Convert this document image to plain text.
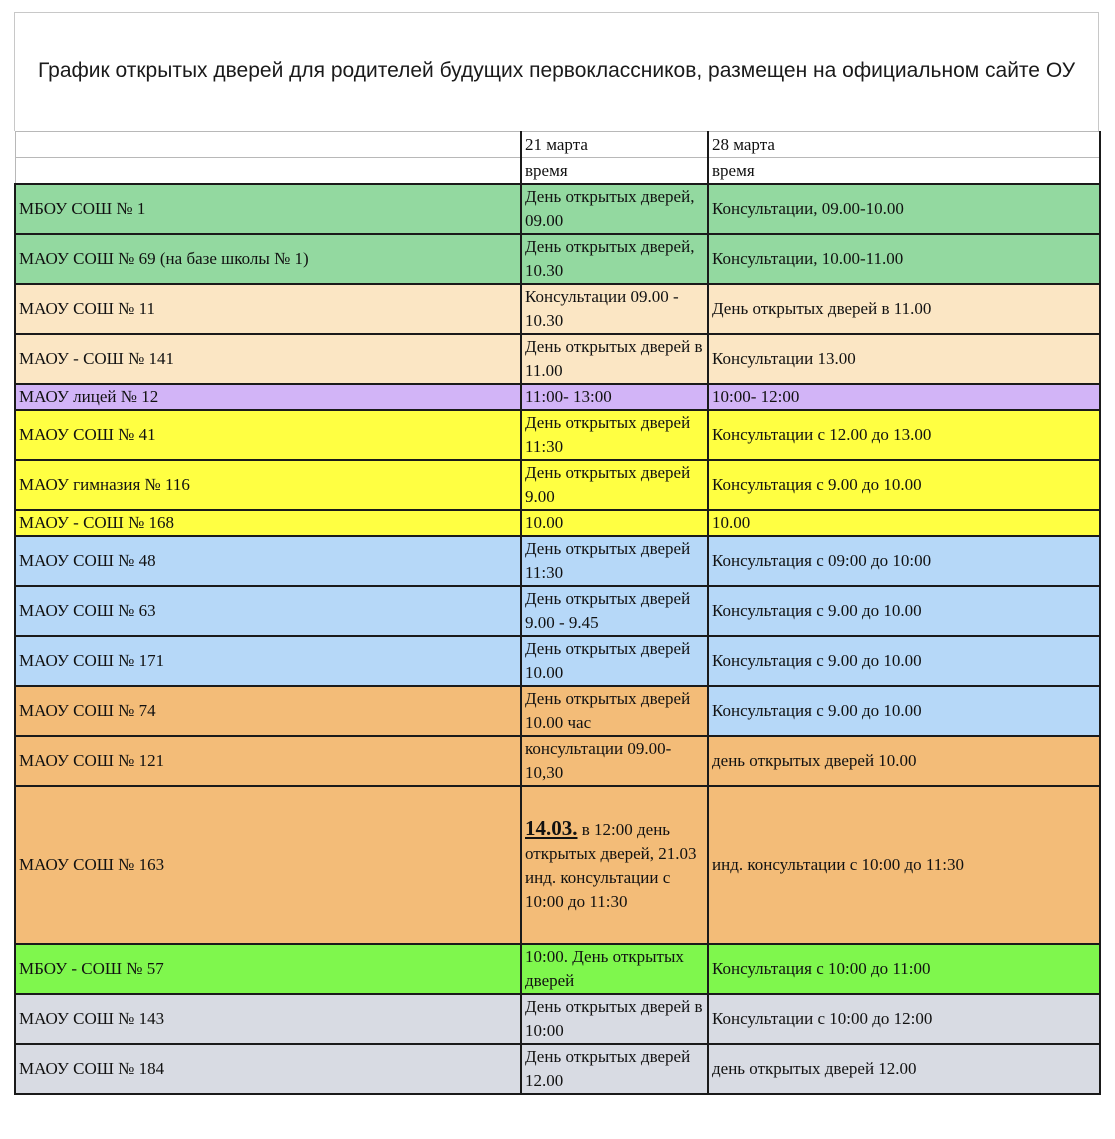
График открытых дверей для родителей будущих первоклассников, размещен на официальном сайте ОУ
	21 марта	28 марта
	время	время
МБОУ СОШ № 1	День открытых дверей, 09.00	Консультации, 09.00-10.00
МАОУ СОШ № 69 (на базе школы № 1)	День открытых дверей, 10.30	Консультации, 10.00-11.00
МАОУ СОШ № 11	Консультации 09.00 - 10.30	День открытых дверей в 11.00
МАОУ - СОШ № 141	День открытых дверей в 11.00	Консультации 13.00
МАОУ лицей № 12	11:00- 13:00	10:00- 12:00
МАОУ СОШ № 41	День открытых дверей 11:30	Консультации с 12.00 до 13.00
МАОУ гимназия № 116	День открытых дверей 9.00	Консультация с 9.00 до 10.00
МАОУ - СОШ № 168	10.00	10.00
МАОУ СОШ № 48	День открытых дверей 11:30	Консультация с 09:00 до 10:00
МАОУ СОШ № 63	День открытых дверей 9.00 - 9.45	Консультация с 9.00 до 10.00
МАОУ СОШ № 171	День открытых дверей 10.00	Консультация с 9.00 до 10.00
МАОУ СОШ № 74	День открытых дверей 10.00 час	Консультация с 9.00 до 10.00
МАОУ СОШ № 121	консультации 09.00- 10,30	день открытых дверей 10.00
МАОУ СОШ № 163	14.03. в 12:00 день открытых дверей, 21.03 инд. консультации с 10:00 до 11:30	инд. консультации с 10:00 до 11:30
МБОУ - СОШ № 57	10:00. День открытых дверей	Консультация с 10:00 до 11:00
МАОУ СОШ № 143	День открытых дверей в 10:00	Консультации с 10:00 до 12:00
МАОУ СОШ № 184	День открытых дверей 12.00	день открытых дверей 12.00
